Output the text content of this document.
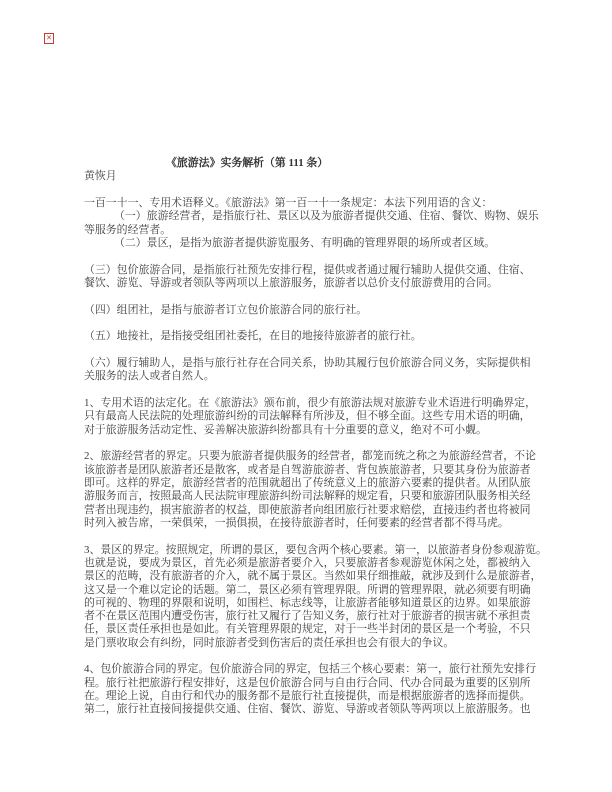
✕
《旅游法》实务解析（第 111 条）
黄恢月

一百一十一、专用术语释义。《旅游法》第一百一十一条规定：本法下列用语的含义：
（一）旅游经营者，是指旅行社、景区以及为旅游者提供交通、住宿、餐饮、购物、娱乐
等服务的经营者。
（二）景区，是指为旅游者提供游览服务、有明确的管理界限的场所或者区域。

（三）包价旅游合同，是指旅行社预先安排行程，提供或者通过履行辅助人提供交通、住宿、
餐饮、游览、导游或者领队等两项以上旅游服务，旅游者以总价支付旅游费用的合同。

（四）组团社，是指与旅游者订立包价旅游合同的旅行社。

（五）地接社，是指接受组团社委托，在目的地接待旅游者的旅行社。

（六）履行辅助人，是指与旅行社存在合同关系，协助其履行包价旅游合同义务，实际提供相
关服务的法人或者自然人。

1、专用术语的法定化。在《旅游法》颁布前，很少有旅游法规对旅游专业术语进行明确界定，
只有最高人民法院的处理旅游纠纷的司法解释有所涉及，但不够全面。这些专用术语的明确，
对于旅游服务活动定性、妥善解决旅游纠纷都具有十分重要的意义，绝对不可小觑。

2、旅游经营者的界定。只要为旅游者提供服务的经营者，都笼而统之称之为旅游经营者，不论
该旅游者是团队旅游者还是散客，或者是自驾游旅游者、背包族旅游者，只要其身份为旅游者
即可。这样的界定，旅游经营者的范围就超出了传统意义上的旅游六要素的提供者。从团队旅
游服务而言，按照最高人民法院审理旅游纠纷司法解释的规定看，只要和旅游团队服务相关经
营者出现违约，损害旅游者的权益，即使旅游者向组团旅行社要求赔偿，直接违约者也将被同
时列入被告席，一荣俱荣，一损俱损，在接待旅游者时，任何要素的经营者都不得马虎。

3、景区的界定。按照规定，所谓的景区，要包含两个核心要素。第一，以旅游者身份参观游览。
也就是说，要成为景区，首先必须是旅游者要介入，只要旅游者参观游览休闲之处，都被纳入
景区的范畴，没有旅游者的介入，就不属于景区。当然如果仔细推敲，就涉及到什么是旅游者，
这又是一个难以定论的话题。第二，景区必须有管理界限。所谓的管理界限，就必须要有明确
的可视的、物理的界限和说明，如围栏、标志线等，让旅游者能够知道景区的边界。如果旅游
者不在景区范围内遭受伤害，旅行社又履行了告知义务，旅行社对于旅游者的损害就不承担责
任，景区责任承担也是如此。有关管理界限的规定，对于一些半封闭的景区是一个考验，不只
是门票收取会有纠纷，同时旅游者受到伤害后的责任承担也会有很大的争议。

4、包价旅游合同的界定。包价旅游合同的界定，包括三个核心要素：第一，旅行社预先安排行
程。旅行社把旅游行程安排好，这是包价旅游合同与自由行合同、代办合同最为重要的区别所
在。理论上说，自由行和代办的服务都不是旅行社直接提供，而是根据旅游者的选择而提供。
第二，旅行社直接间接提供交通、住宿、餐饮、游览、导游或者领队等两项以上旅游服务。也
